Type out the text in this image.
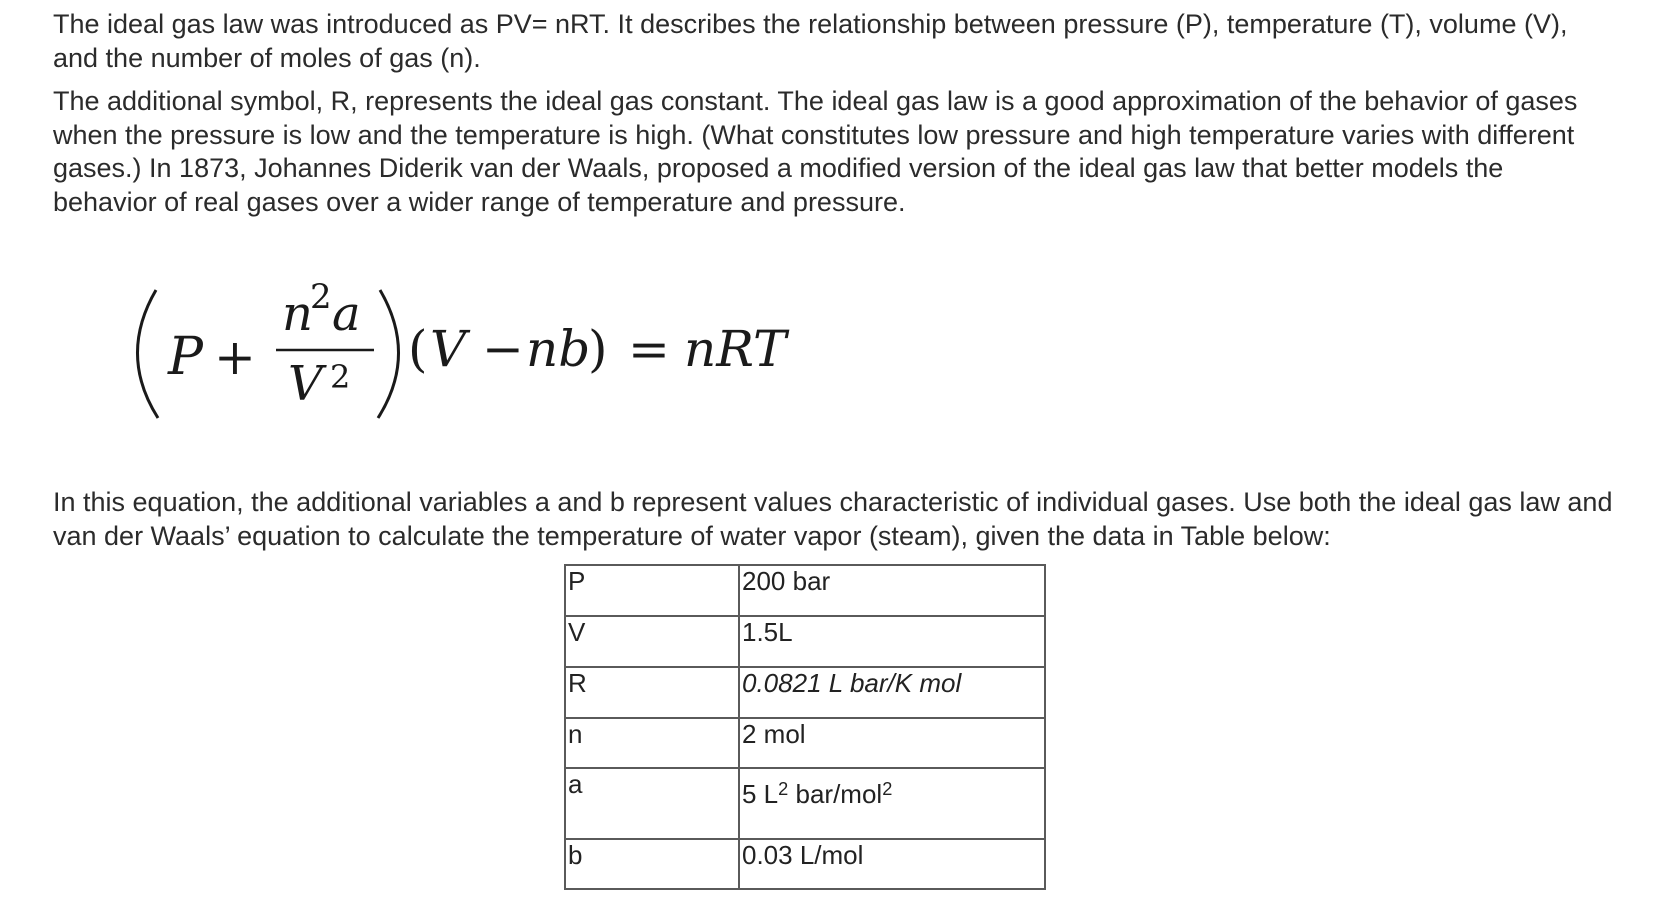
The ideal gas law was introduced as PV= nRT. It describes the relationship between pressure (P), temperature (T), volume (V), and the number of moles of gas (n).

The additional symbol, R, represents the ideal gas constant. The ideal gas law is a good approximation of the behavior of gases when the pressure is low and the temperature is high. (What constitutes low pressure and high temperature varies with different gases.) In 1873, Johannes Diderik van der Waals, proposed a modified version of the ideal gas law that better models the behavior of real gases over a wider range of temperature and pressure.

P +
n
2 a
V 2 ( V − nb
) = nRT

In this equation, the additional variables a and b represent values characteristic of individual gases. Use both the ideal gas law and van der Waals’ equation to calculate the temperature of water vapor (steam), given the data in Table below:

P	200 bar
V	1.5L
R	0.0821 L bar/K mol
n	2 mol
a	5 $L^2$ bar/mol$^2$
b	0.03 L/mol
